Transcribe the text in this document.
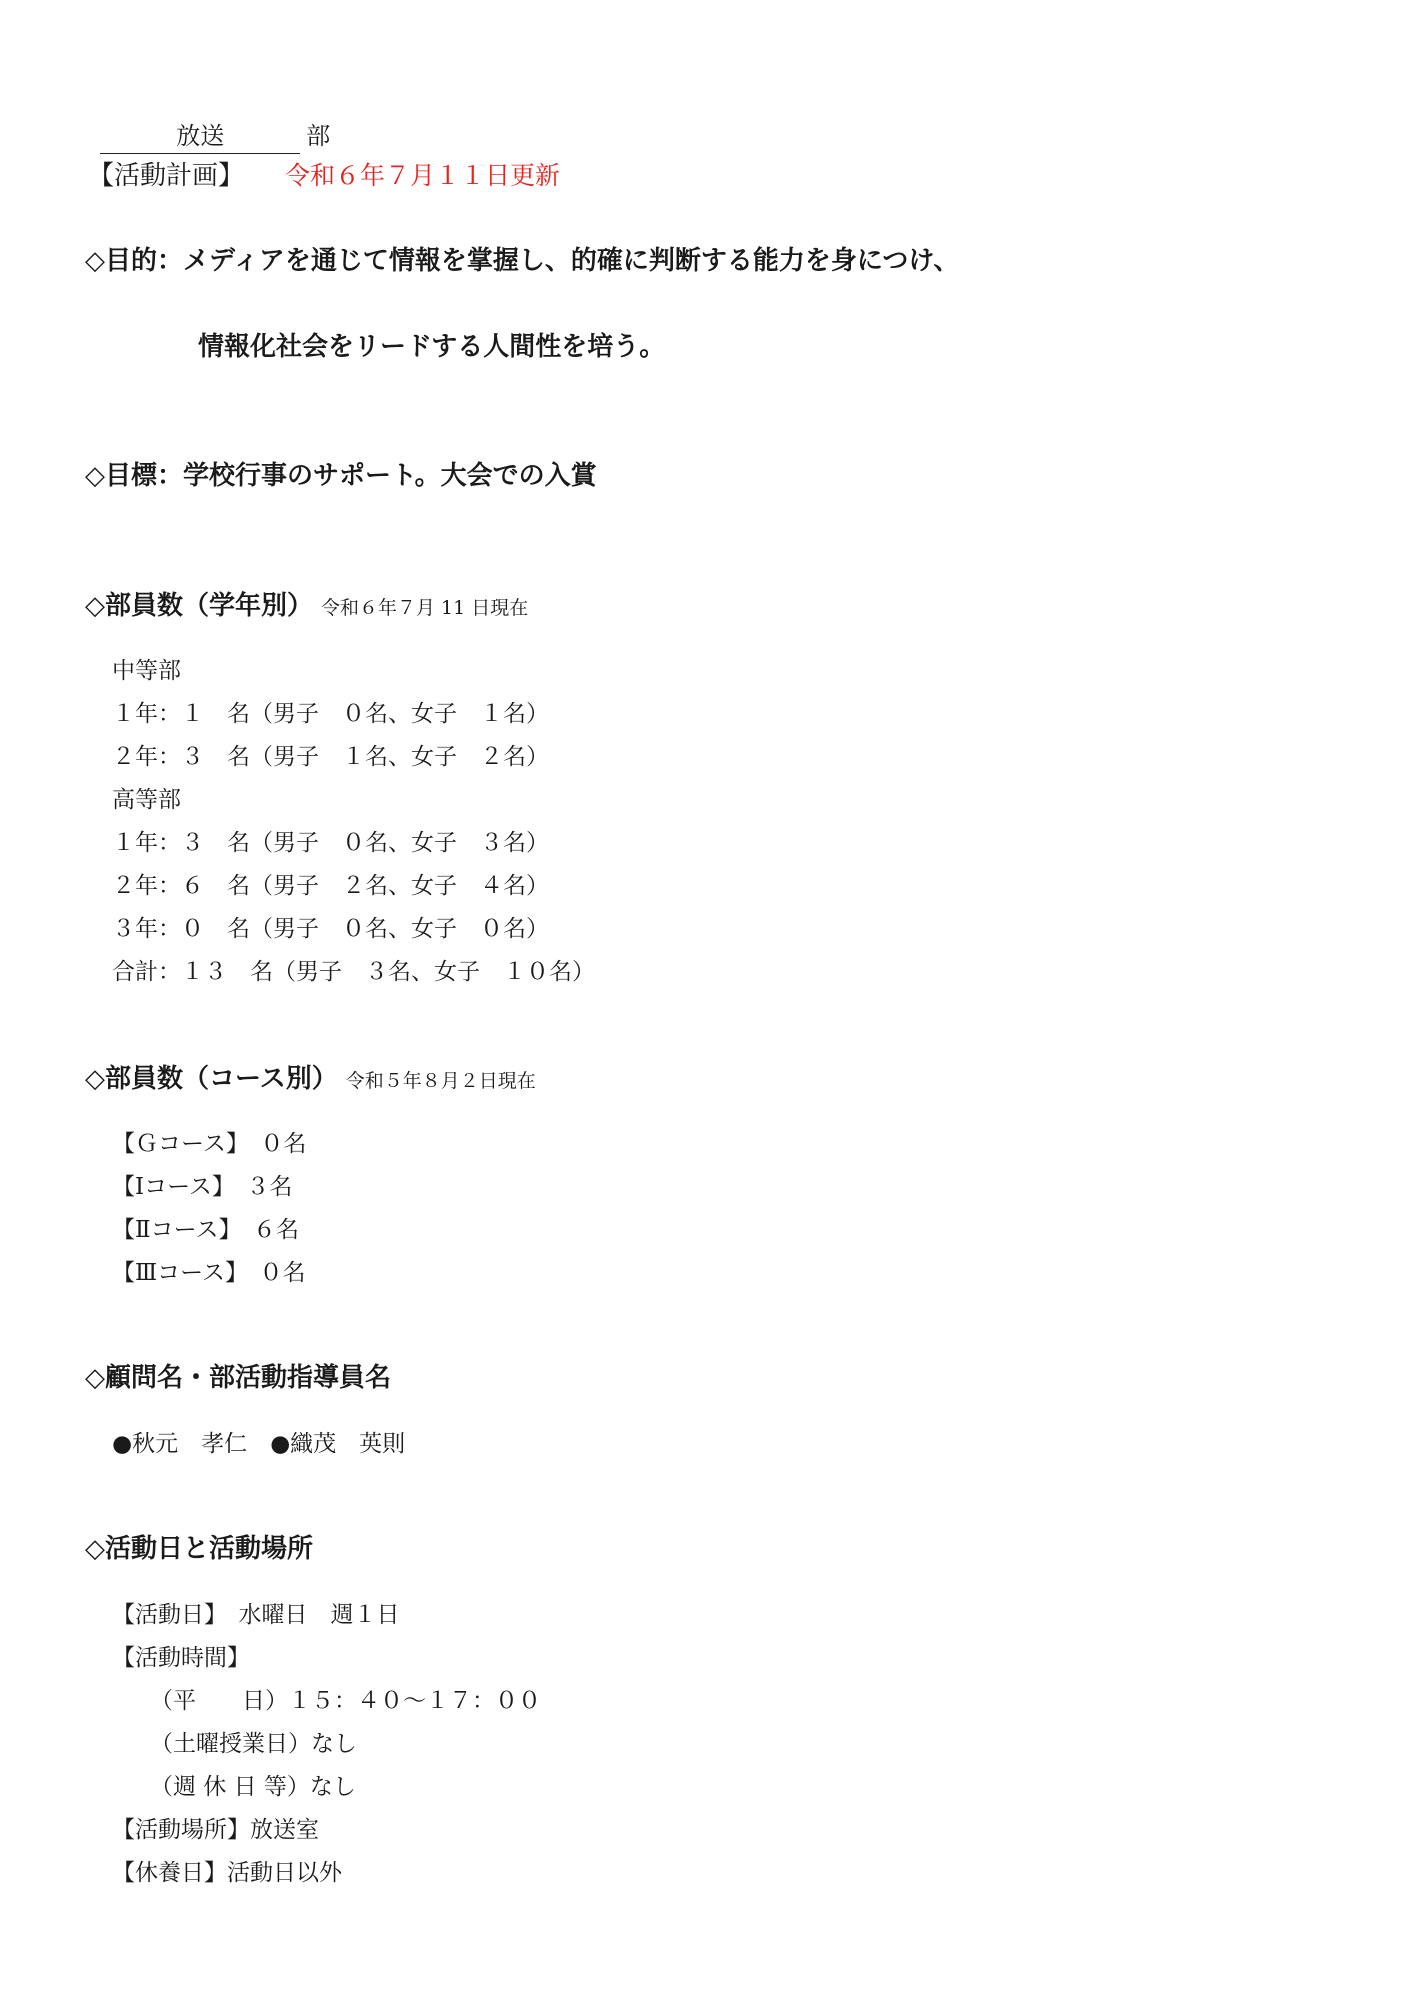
放送	部

【活動計画】 令和６年７月１１日更新
◇目的：メディアを通じて情報を掌握し、的確に判断する能力を身につけ、
情報化社会をリードする人間性を培う。
◇目標：学校行事のサポート。大会での入賞
◇部員数（学年別） 令和６年７月 11 日現在
中等部
１年：１　名（男子　０名、女子　１名）
２年：３　名（男子　１名、女子　２名）
高等部
１年：３　名（男子　０名、女子　３名）
２年：６　名（男子　２名、女子　４名）
３年：０　名（男子　０名、女子　０名）
合計：１３　名（男子　３名、女子　１０名）
◇部員数（コース別） 令和５年８月２日現在
【Ｇコース】　０名
【Ⅰコース】　３名
【Ⅱコース】　６名
【Ⅲコース】　０名
◇顧問名・部活動指導員名
●秋元　孝仁　●織茂　英則
◇活動日と活動場所
【活動日】　水曜日　週１日
【活動時間】
（平　　日）１５：４０～１７：００
（土曜授業日）なし
（週 休 日 等）なし
【活動場所】放送室
【休養日】活動日以外
